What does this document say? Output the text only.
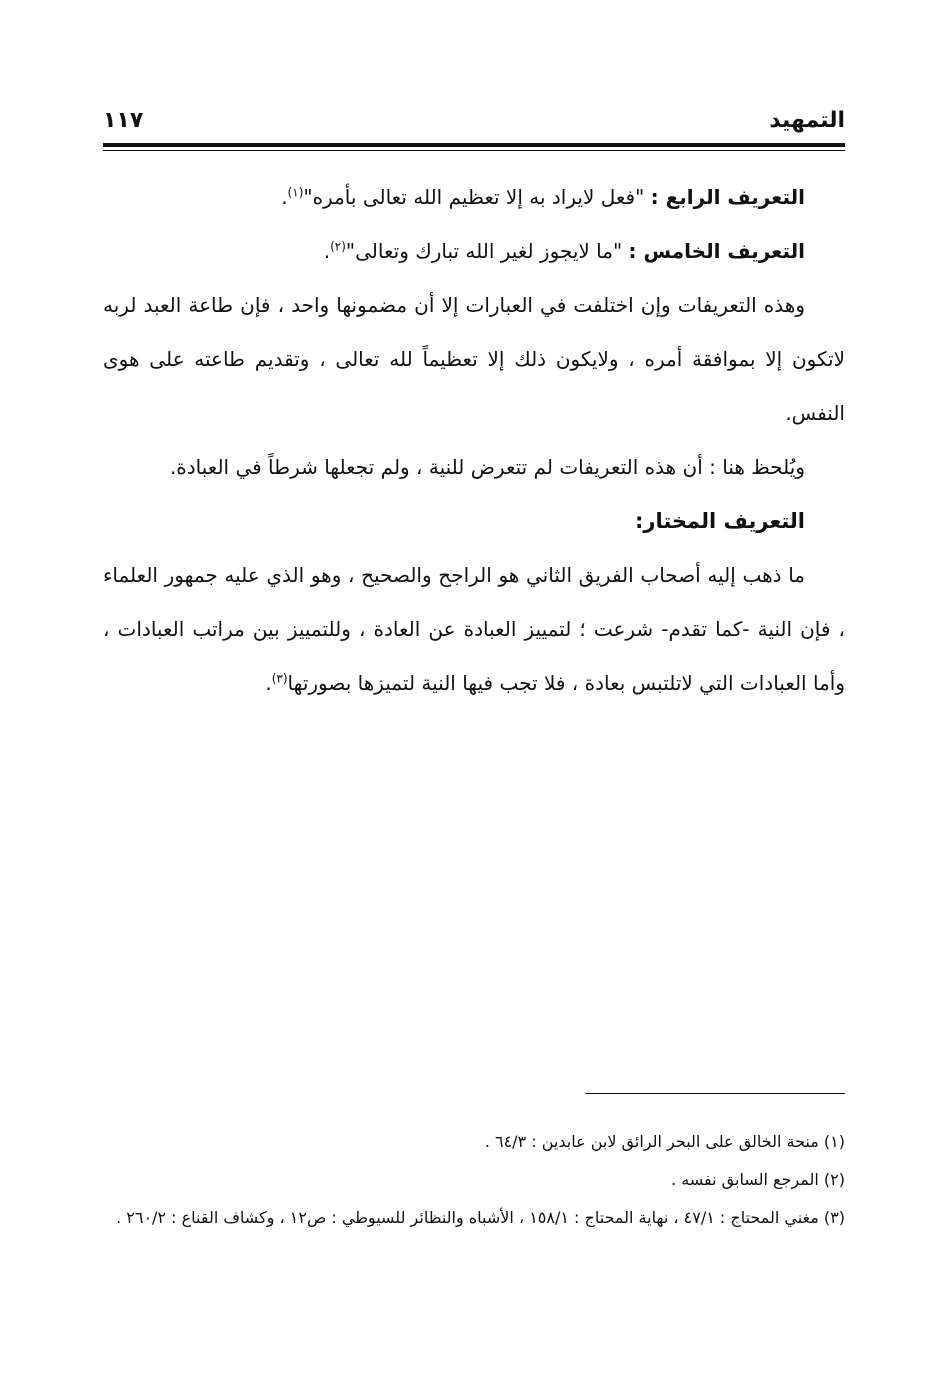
التمهيد
١١٧

التعريف الرابع : "فعل لايراد به إلا تعظيم الله تعالى بأمره"$^{(١)}$.

التعريف الخامس : "ما لايجوز لغير الله تبارك وتعالى"$^{(٢)}$.

وهذه التعريفات وإن اختلفت في العبارات إلا أن مضمونها واحد ، فإن طاعة العبد لربه لاتكون إلا بموافقة أمره ، ولايكون ذلك إلا تعظيماً لله تعالى ، وتقديم طاعته على هوى النفس.

ويُلحظ هنا : أن هذه التعريفات لم تتعرض للنية ، ولم تجعلها شرطاً في العبادة.

التعريف المختار:

ما ذهب إليه أصحاب الفريق الثاني هو الراجح والصحيح ، وهو الذي عليه جمهور العلماء ، فإن النية -كما تقدم- شرعت ؛ لتمييز العبادة عن العادة ، وللتمييز بين مراتب العبادات ، وأما العبادات التي لاتلتبس بعادة ، فلا تجب فيها النية لتميزها بصورتها$^{(٣)}$.

(١) منحة الخالق على البحر الرائق لابن عابدين : ٦٤/٣ .

(٢) المرجع السابق نفسه .

(٣) مغني المحتاج : ٤٧/١ ، نهاية المحتاج : ١٥٨/١ ، الأشباه والنظائر للسيوطي : ص١٢ ، وكشاف القناع : ٢٦٠/٢ .
